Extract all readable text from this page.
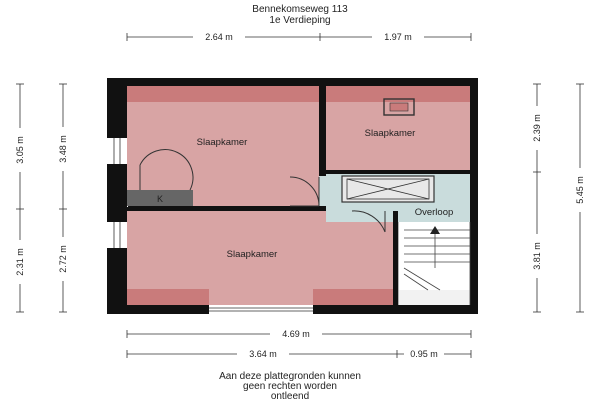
Bennekomseweg 113
1e Verdieping
2.64 m	1.97 m
4.69 m
3.64 m	0.95 m
3.05 m
2.31 m
3.48 m
2.72 m
2.39 m
3.81 m
5.45 m
K
Slaapkamer
Slaapkamer
Slaapkamer
Overloop
Aan deze plattegronden kunnen
geen rechten worden
ontleend
